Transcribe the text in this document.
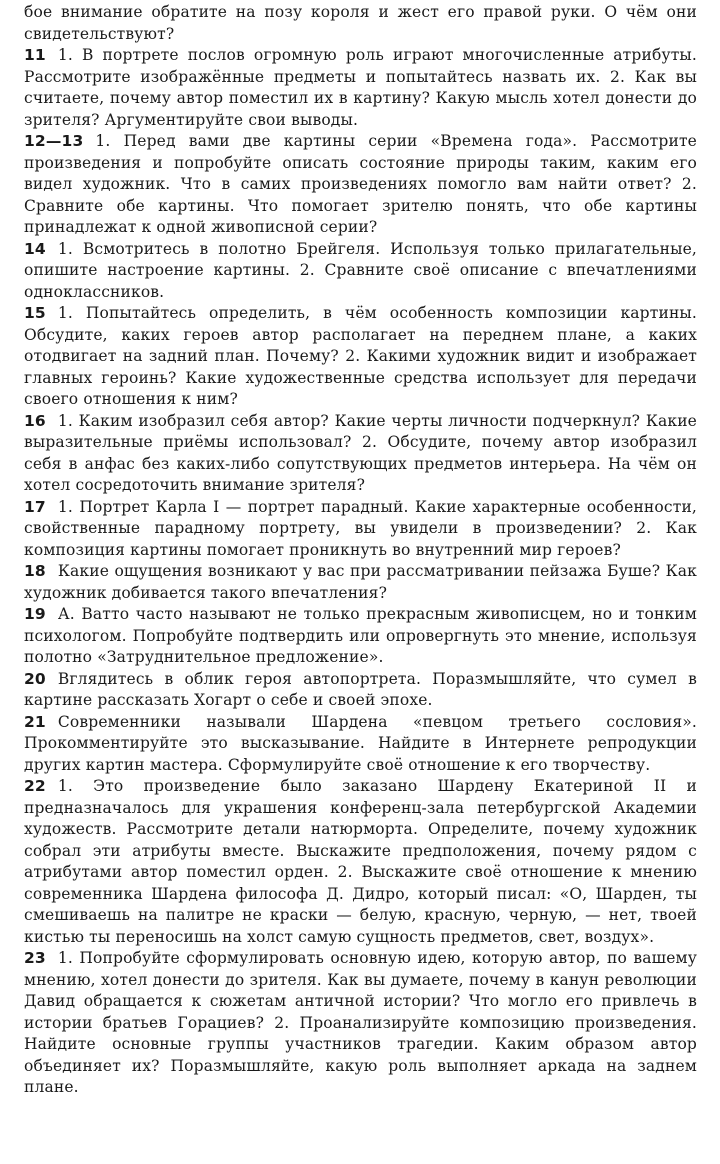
бое внимание обратите на позу короля и жест его правой руки. О чём они свидетельствуют?

11 1. В портрете послов огромную роль играют многочисленные атрибуты. Рассмотрите изображённые предметы и попытайтесь назвать их. 2. Как вы считаете, почему автор поместил их в картину? Какую мысль хотел донести до зрителя? Аргументируйте свои выводы.

12—13 1. Перед вами две картины серии «Времена года». Рассмотрите произведения и попробуйте описать состояние природы таким, каким его видел художник. Что в самих произведениях помогло вам найти ответ? 2. Сравните обе картины. Что помогает зрителю понять, что обе картины принадлежат к одной живописной серии?

14 1. Всмотритесь в полотно Брейгеля. Используя только прилагательные, опишите настроение картины. 2. Сравните своё описание с впечатлениями одноклассников.

15 1. Попытайтесь определить, в чём особенность композиции картины. Обсудите, каких героев автор располагает на переднем плане, а каких отодвигает на задний план. Почему? 2. Какими художник видит и изображает главных героинь? Какие художественные средства использует для передачи своего отношения к ним?

16 1. Каким изобразил себя автор? Какие черты личности подчеркнул? Какие выразительные приёмы использовал? 2. Обсудите, почему автор изобразил себя в анфас без каких-либо сопутствующих предметов интерьера. На чём он хотел сосредоточить внимание зрителя?

17 1. Портрет Карла I — портрет парадный. Какие характерные особенности, свойственные парадному портрету, вы увидели в произведении? 2. Как композиция картины помогает проникнуть во внутренний мир героев?

18 Какие ощущения возникают у вас при рассматривании пейзажа Буше? Как художник добивается такого впечатления?

19 А. Ватто часто называют не только прекрасным живописцем, но и тонким психологом. Попробуйте подтвердить или опровергнуть это мнение, используя полотно «Затруднительное предложение».

20 Вглядитесь в облик героя автопортрета. Поразмышляйте, что сумел в картине рассказать Хогарт о себе и своей эпохе.

21 Современники называли Шардена «певцом третьего сословия». Прокомментируйте это высказывание. Найдите в Интернете репродукции других картин мастера. Сформулируйте своё отношение к его творчеству.

22 1. Это произведение было заказано Шардену Екатериной II и предназначалось для украшения конференц-зала петербургской Академии художеств. Рассмотрите детали натюрморта. Определите, почему художник собрал эти атрибуты вместе. Выскажите предположения, почему рядом с атрибутами автор поместил орден. 2. Выскажите своё отношение к мнению современника Шардена философа Д. Дидро, который писал: «О, Шарден, ты смешиваешь на палитре не краски — белую, красную, черную, — нет, твоей кистью ты переносишь на холст самую сущность предметов, свет, воздух».

23 1. Попробуйте сформулировать основную идею, которую автор, по вашему мнению, хотел донести до зрителя. Как вы думаете, почему в канун революции Давид обращается к сюжетам античной истории? Что могло его привлечь в истории братьев Горациев? 2. Проанализируйте композицию произведения. Найдите основные группы участников трагедии. Каким образом автор объединяет их? Поразмышляйте, какую роль выполняет аркада на заднем плане.
